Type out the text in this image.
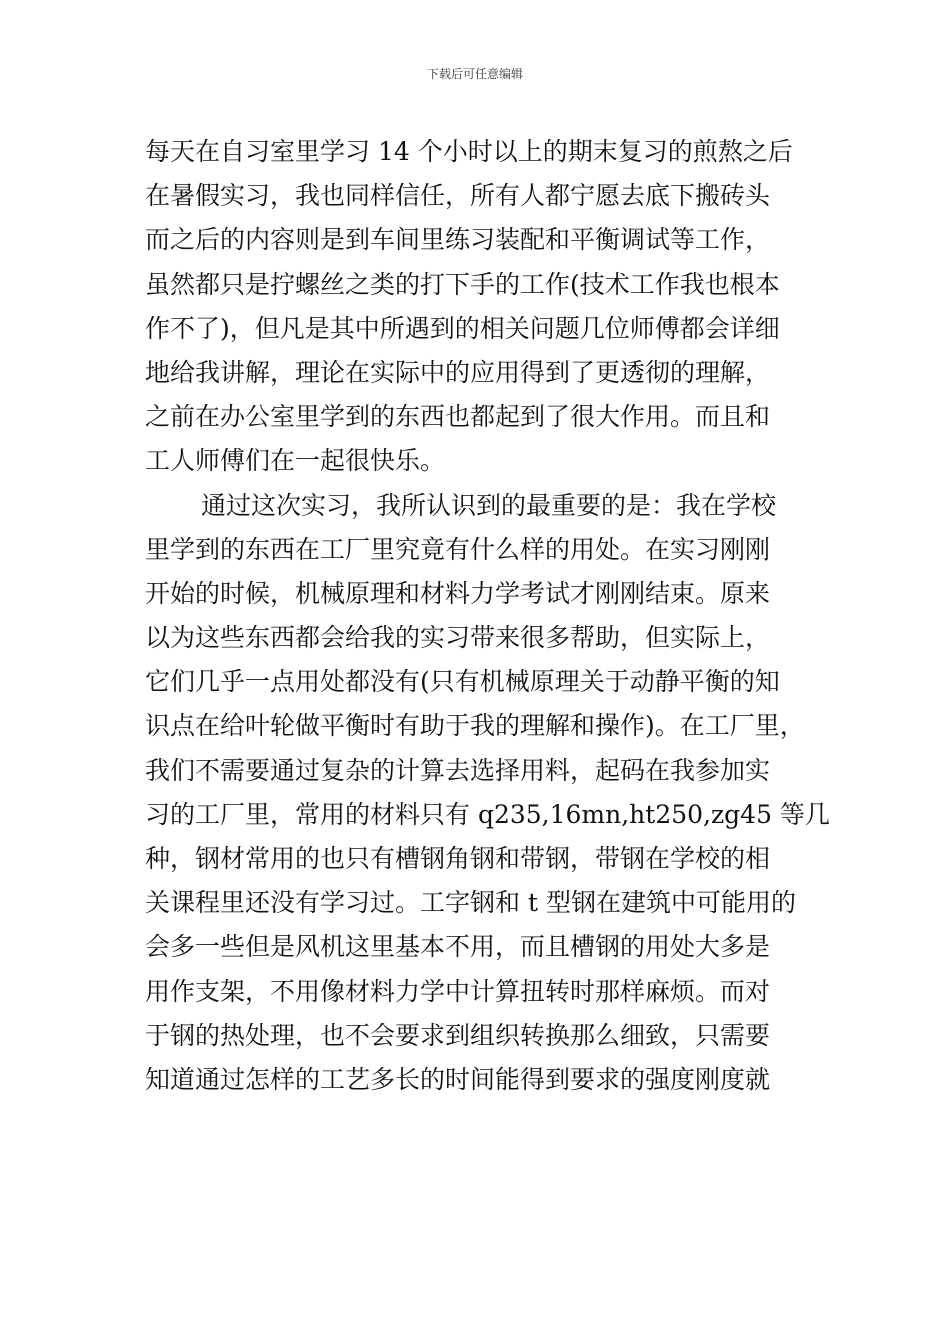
下载后可任意编辑
每天在自习室里学习 14 个小时以上的期末复习的煎熬之后
在暑假实习，我也同样信任，所有人都宁愿去底下搬砖头
而之后的内容则是到车间里练习装配和平衡调试等工作，
虽然都只是拧螺丝之类的打下手的工作(技术工作我也根本
作不了)，但凡是其中所遇到的相关问题几位师傅都会详细
地给我讲解，理论在实际中的应用得到了更透彻的理解，
之前在办公室里学到的东西也都起到了很大作用。而且和
工人师傅们在一起很快乐。
通过这次实习，我所认识到的最重要的是：我在学校
里学到的东西在工厂里究竟有什么样的用处。在实习刚刚
开始的时候，机械原理和材料力学考试才刚刚结束。原来
以为这些东西都会给我的实习带来很多帮助，但实际上，
它们几乎一点用处都没有(只有机械原理关于动静平衡的知
识点在给叶轮做平衡时有助于我的理解和操作)。在工厂里，
我们不需要通过复杂的计算去选择用料，起码在我参加实
习的工厂里，常用的材料只有 q235,16mn,ht250,zg45 等几
种，钢材常用的也只有槽钢角钢和带钢，带钢在学校的相
关课程里还没有学习过。工字钢和 t 型钢在建筑中可能用的
会多一些但是风机这里基本不用，而且槽钢的用处大多是
用作支架，不用像材料力学中计算扭转时那样麻烦。而对
于钢的热处理，也不会要求到组织转换那么细致，只需要
知道通过怎样的工艺多长的时间能得到要求的强度刚度就
